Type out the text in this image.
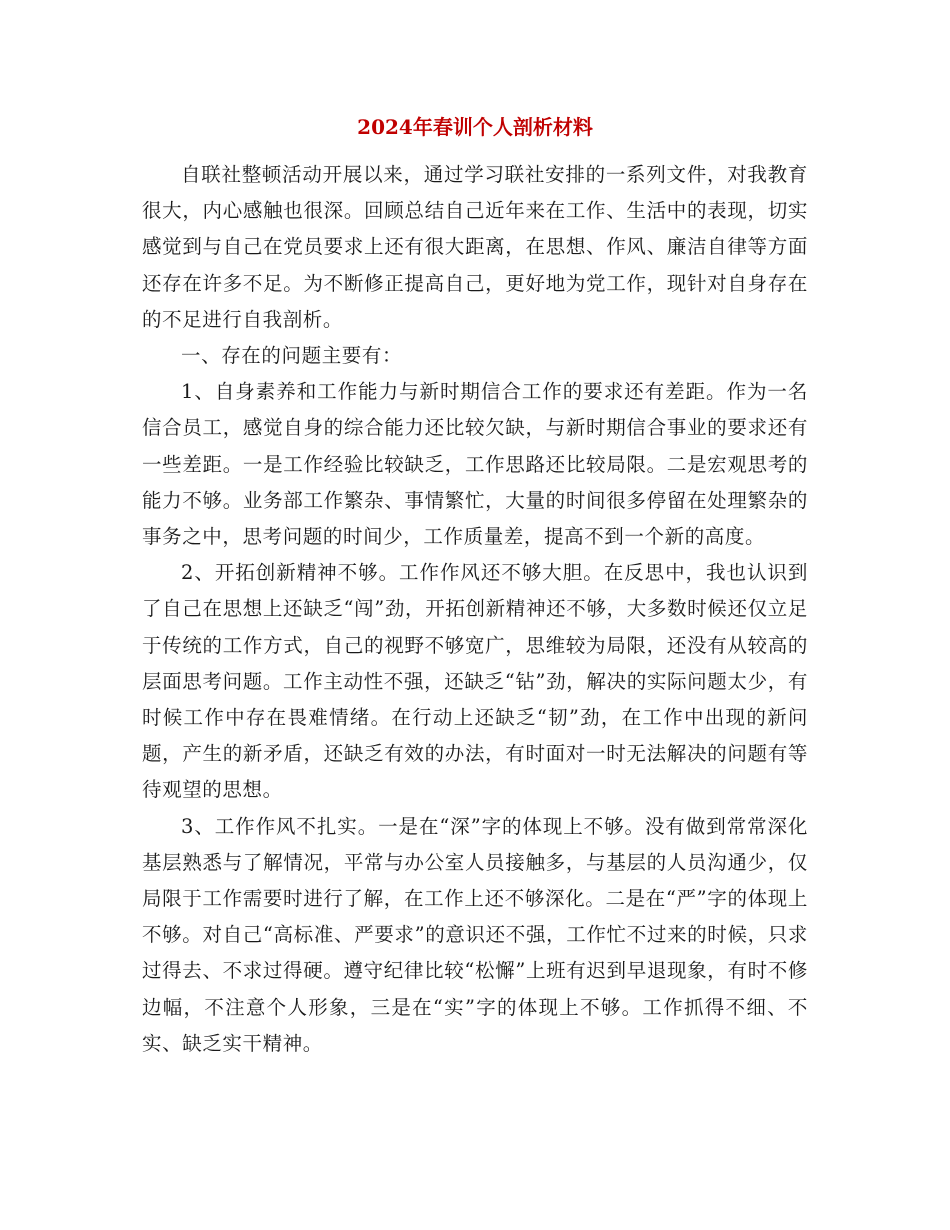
2024年春训个人剖析材料

自联社整顿活动开展以来，通过学习联社安排的一系列文件，对我教育很大，内心感触也很深。回顾总结自己近年来在工作、生活中的表现，切实感觉到与自己在党员要求上还有很大距离，在思想、作风、廉洁自律等方面还存在许多不足。为不断修正提高自己，更好地为党工作，现针对自身存在的不足进行自我剖析。

一、存在的问题主要有：

1、自身素养和工作能力与新时期信合工作的要求还有差距。作为一名信合员工，感觉自身的综合能力还比较欠缺，与新时期信合事业的要求还有一些差距。一是工作经验比较缺乏，工作思路还比较局限。二是宏观思考的能力不够。业务部工作繁杂、事情繁忙，大量的时间很多停留在处理繁杂的事务之中，思考问题的时间少，工作质量差，提高不到一个新的高度。

2、开拓创新精神不够。工作作风还不够大胆。在反思中，我也认识到了自己在思想上还缺乏“闯”劲，开拓创新精神还不够，大多数时候还仅立足于传统的工作方式，自己的视野不够宽广，思维较为局限，还没有从较高的层面思考问题。工作主动性不强，还缺乏“钻”劲，解决的实际问题太少，有时候工作中存在畏难情绪。在行动上还缺乏“韧”劲，在工作中出现的新问题，产生的新矛盾，还缺乏有效的办法，有时面对一时无法解决的问题有等待观望的思想。

3、工作作风不扎实。一是在“深”字的体现上不够。没有做到常常深化基层熟悉与了解情况，平常与办公室人员接触多，与基层的人员沟通少，仅局限于工作需要时进行了解，在工作上还不够深化。二是在“严”字的体现上不够。对自己“高标准、严要求”的意识还不强，工作忙不过来的时候，只求过得去、不求过得硬。遵守纪律比较“松懈”上班有迟到早退现象，有时不修边幅，不注意个人形象，三是在“实”字的体现上不够。工作抓得不细、不实、缺乏实干精神。
